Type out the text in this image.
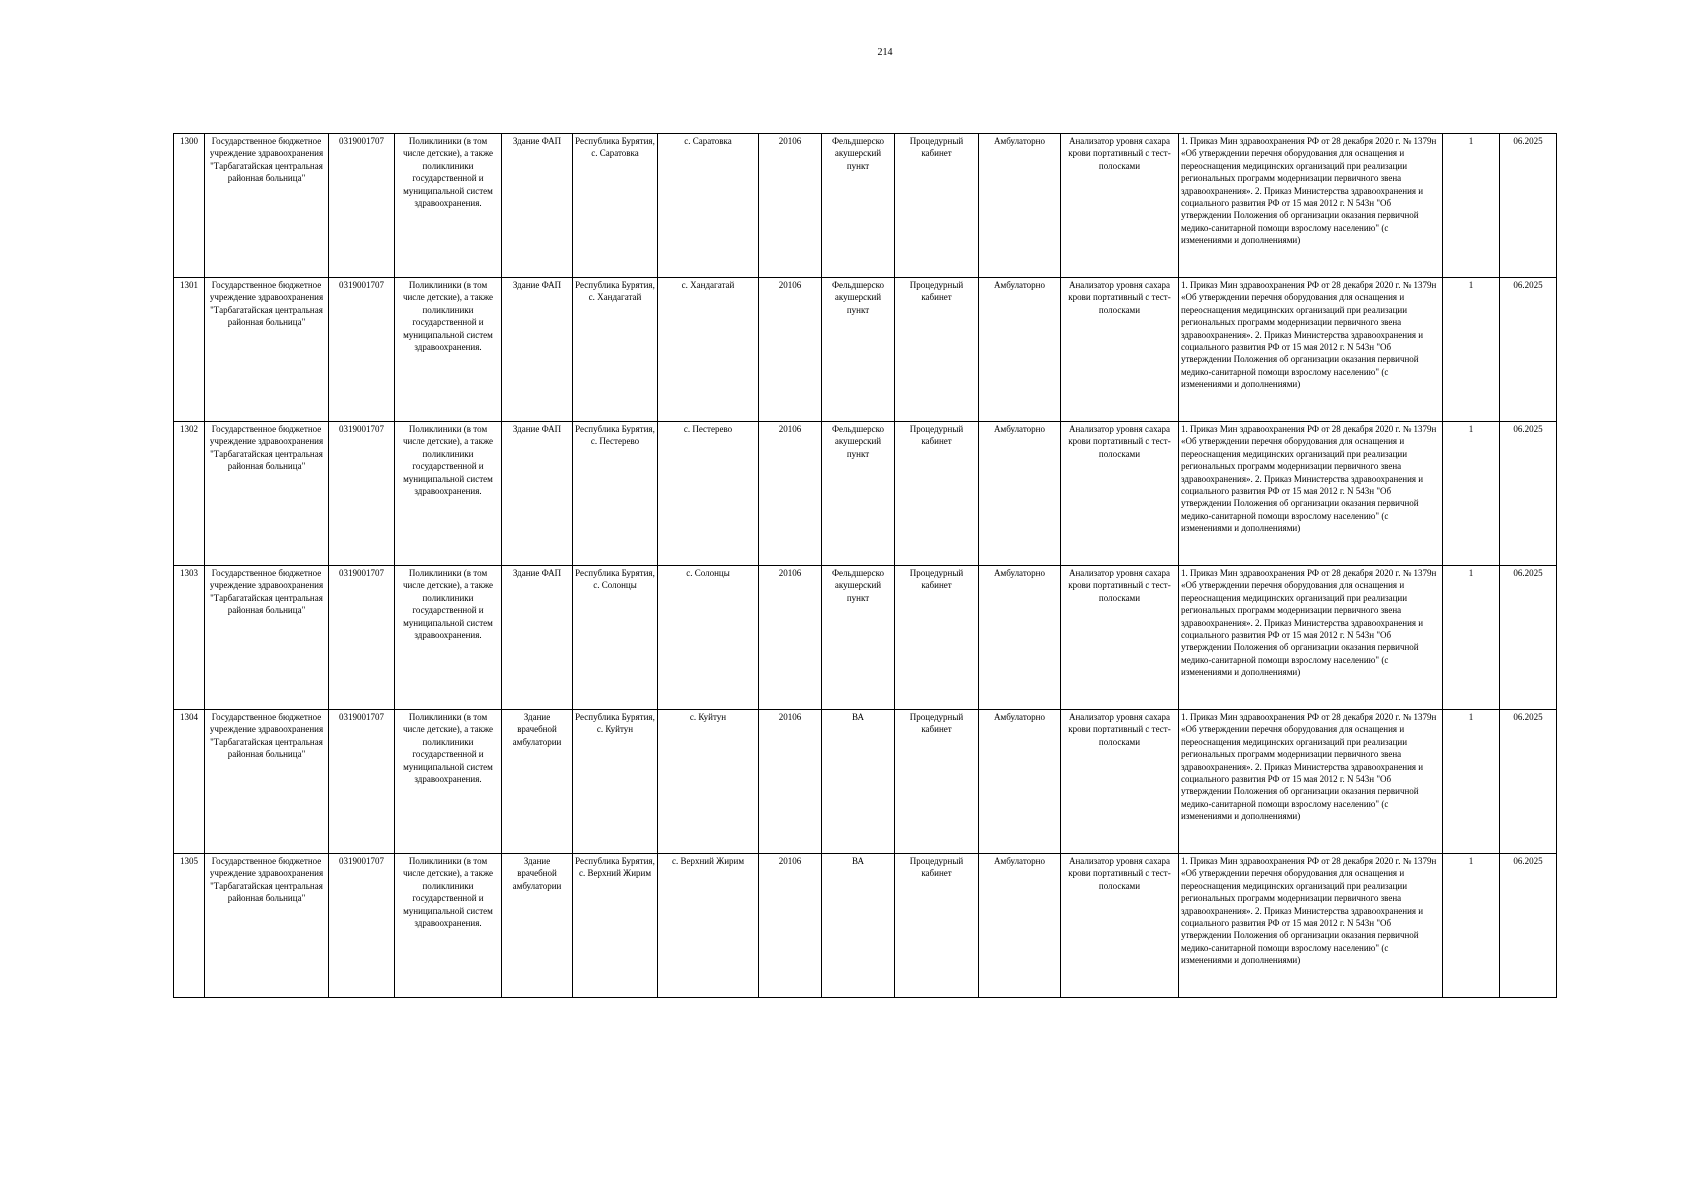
214
1300	Государственное бюджетное учреждение здравоохранения "Тарбагатайская центральная районная больница"	0319001707	Поликлиники (в том числе детские), а также поликлиники государственной и муниципальной систем здравоохранения.	Здание ФАП	Республика Бурятия, с. Саратовка	с. Саратовка	20106	Фельдшерско акушерский пункт	Процедурный кабинет	Амбулаторно	Анализатор уровня сахара крови портативный с тест-полосками	1. Приказ Мин здравоохранения РФ от 28 декабря 2020 г. № 1379н «Об утверждении перечня оборудования для оснащения и переоснащения медицинских организаций при реализации региональных программ модернизации первичного звена здравоохранения». 2. Приказ Министерства здравоохранения и социального развития РФ от 15 мая 2012 г. N 543н "Об утверждении Положения об организации оказания первичной медико-санитарной помощи взрослому населению" (с изменениями и дополнениями)	1	06.2025
1301	Государственное бюджетное учреждение здравоохранения "Тарбагатайская центральная районная больница"	0319001707	Поликлиники (в том числе детские), а также поликлиники государственной и муниципальной систем здравоохранения.	Здание ФАП	Республика Бурятия, с. Хандагатай	с. Хандагатай	20106	Фельдшерско акушерский пункт	Процедурный кабинет	Амбулаторно	Анализатор уровня сахара крови портативный с тест-полосками	1. Приказ Мин здравоохранения РФ от 28 декабря 2020 г. № 1379н «Об утверждении перечня оборудования для оснащения и переоснащения медицинских организаций при реализации региональных программ модернизации первичного звена здравоохранения». 2. Приказ Министерства здравоохранения и социального развития РФ от 15 мая 2012 г. N 543н "Об утверждении Положения об организации оказания первичной медико-санитарной помощи взрослому населению" (с изменениями и дополнениями)	1	06.2025
1302	Государственное бюджетное учреждение здравоохранения "Тарбагатайская центральная районная больница"	0319001707	Поликлиники (в том числе детские), а также поликлиники государственной и муниципальной систем здравоохранения.	Здание ФАП	Республика Бурятия, с. Пестерево	с. Пестерево	20106	Фельдшерско акушерский пункт	Процедурный кабинет	Амбулаторно	Анализатор уровня сахара крови портативный с тест-полосками	1. Приказ Мин здравоохранения РФ от 28 декабря 2020 г. № 1379н «Об утверждении перечня оборудования для оснащения и переоснащения медицинских организаций при реализации региональных программ модернизации первичного звена здравоохранения». 2. Приказ Министерства здравоохранения и социального развития РФ от 15 мая 2012 г. N 543н "Об утверждении Положения об организации оказания первичной медико-санитарной помощи взрослому населению" (с изменениями и дополнениями)	1	06.2025
1303	Государственное бюджетное учреждение здравоохранения "Тарбагатайская центральная районная больница"	0319001707	Поликлиники (в том числе детские), а также поликлиники государственной и муниципальной систем здравоохранения.	Здание ФАП	Республика Бурятия, с. Солонцы	с. Солонцы	20106	Фельдшерско акушерский пункт	Процедурный кабинет	Амбулаторно	Анализатор уровня сахара крови портативный с тест-полосками	1. Приказ Мин здравоохранения РФ от 28 декабря 2020 г. № 1379н «Об утверждении перечня оборудования для оснащения и переоснащения медицинских организаций при реализации региональных программ модернизации первичного звена здравоохранения». 2. Приказ Министерства здравоохранения и социального развития РФ от 15 мая 2012 г. N 543н "Об утверждении Положения об организации оказания первичной медико-санитарной помощи взрослому населению" (с изменениями и дополнениями)	1	06.2025
1304	Государственное бюджетное учреждение здравоохранения "Тарбагатайская центральная районная больница"	0319001707	Поликлиники (в том числе детские), а также поликлиники государственной и муниципальной систем здравоохранения.	Здание врачебной амбулатории	Республика Бурятия, с. Куйтун	с. Куйтун	20106	ВА	Процедурный кабинет	Амбулаторно	Анализатор уровня сахара крови портативный с тест-полосками	1. Приказ Мин здравоохранения РФ от 28 декабря 2020 г. № 1379н «Об утверждении перечня оборудования для оснащения и переоснащения медицинских организаций при реализации региональных программ модернизации первичного звена здравоохранения». 2. Приказ Министерства здравоохранения и социального развития РФ от 15 мая 2012 г. N 543н "Об утверждении Положения об организации оказания первичной медико-санитарной помощи взрослому населению" (с изменениями и дополнениями)	1	06.2025
1305	Государственное бюджетное учреждение здравоохранения "Тарбагатайская центральная районная больница"	0319001707	Поликлиники (в том числе детские), а также поликлиники государственной и муниципальной систем здравоохранения.	Здание врачебной амбулатории	Республика Бурятия, с. Верхний Жирим	с. Верхний Жирим	20106	ВА	Процедурный кабинет	Амбулаторно	Анализатор уровня сахара крови портативный с тест-полосками	1. Приказ Мин здравоохранения РФ от 28 декабря 2020 г. № 1379н «Об утверждении перечня оборудования для оснащения и переоснащения медицинских организаций при реализации региональных программ модернизации первичного звена здравоохранения». 2. Приказ Министерства здравоохранения и социального развития РФ от 15 мая 2012 г. N 543н "Об утверждении Положения об организации оказания первичной медико-санитарной помощи взрослому населению" (с изменениями и дополнениями)	1	06.2025
